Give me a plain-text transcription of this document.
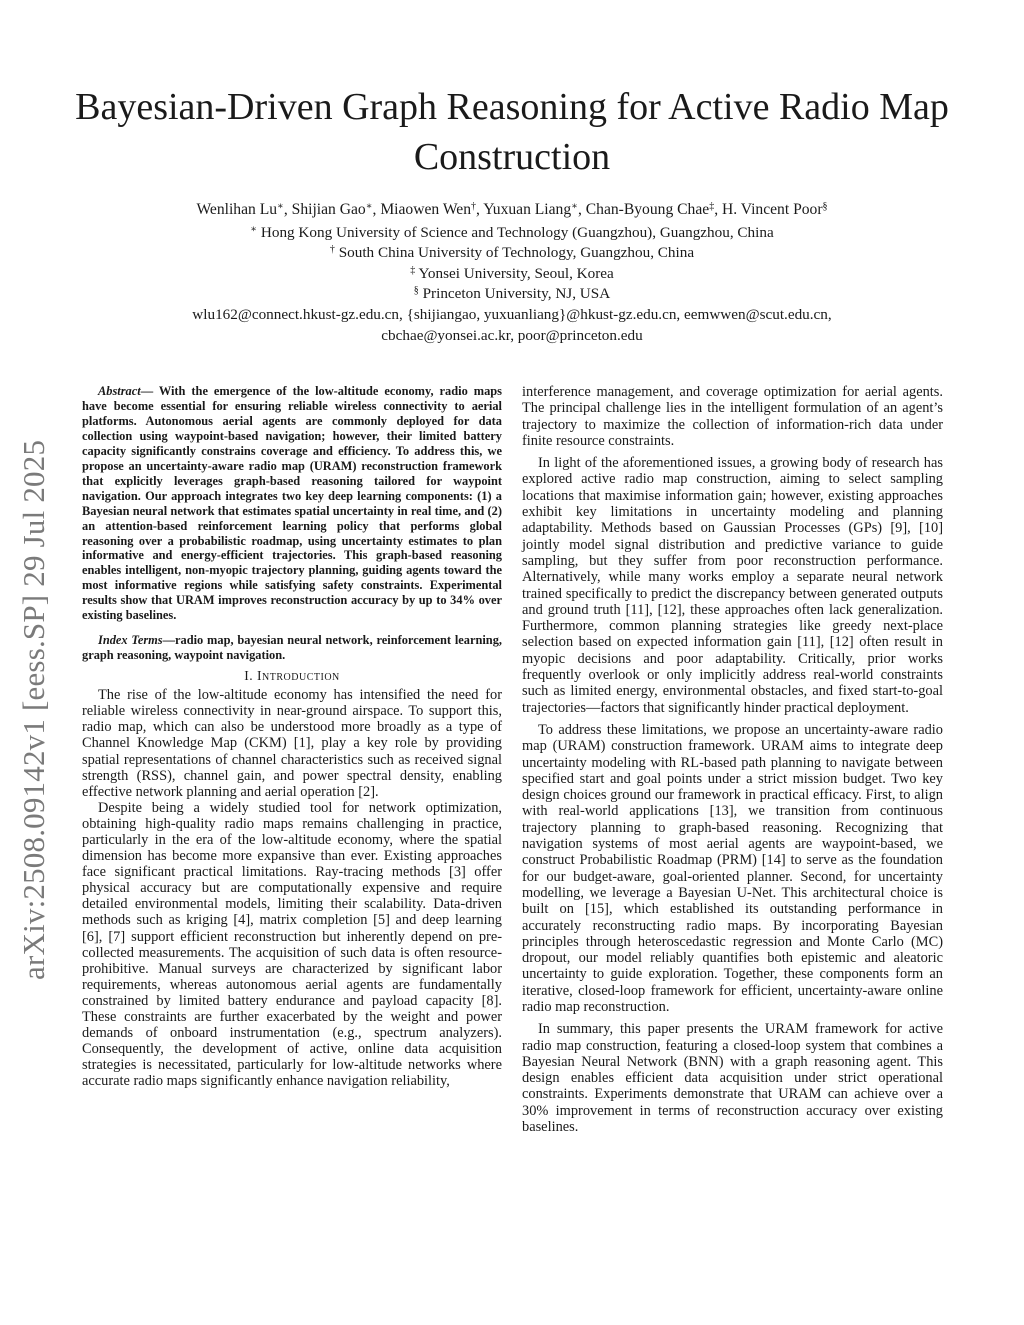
arXiv:2508.09142v1 [eess.SP] 29 Jul 2025
Bayesian-Driven Graph Reasoning for Active Radio Map Construction
Wenlihan Lu∗, Shijian Gao∗, Miaowen Wen†, Yuxuan Liang∗, Chan-Byoung Chae‡, H. Vincent Poor§
∗ Hong Kong University of Science and Technology (Guangzhou), Guangzhou, China
† South China University of Technology, Guangzhou, China
‡ Yonsei University, Seoul, Korea
§ Princeton University, NJ, USA
wlu162@connect.hkust-gz.edu.cn, {shijiangao, yuxuanliang}@hkust-gz.edu.cn, eemwwen@scut.edu.cn,
cbchae@yonsei.ac.kr, poor@princeton.edu

Abstract— With the emergence of the low-altitude economy, radio maps have become essential for ensuring reliable wireless connectivity to aerial platforms. Autonomous aerial agents are commonly deployed for data collection using waypoint-based navigation; however, their limited battery capacity significantly constrains coverage and efficiency. To address this, we propose an uncertainty-aware radio map (URAM) reconstruction framework that explicitly leverages graph-based reasoning tailored for waypoint navigation. Our approach integrates two key deep learning components: (1) a Bayesian neural network that estimates spatial uncertainty in real time, and (2) an attention-based reinforcement learning policy that performs global reasoning over a probabilistic roadmap, using uncertainty estimates to plan informative and energy-efficient trajectories. This graph-based reasoning enables intelligent, non-myopic trajectory planning, guiding agents toward the most informative regions while satisfying safety constraints. Experimental results show that URAM improves reconstruction accuracy by up to 34% over existing baselines.

Index Terms—radio map, bayesian neural network, reinforcement learning, graph reasoning, waypoint navigation.

I. Introduction

The rise of the low-altitude economy has intensified the need for reliable wireless connectivity in near-ground airspace. To support this, radio map, which can also be understood more broadly as a type of Channel Knowledge Map (CKM) [1], play a key role by providing spatial representations of channel characteristics such as received signal strength (RSS), channel gain, and power spectral density, enabling effective network planning and aerial operation [2].

Despite being a widely studied tool for network optimization, obtaining high-quality radio maps remains challenging in practice, particularly in the era of the low-altitude economy, where the spatial dimension has become more expansive than ever. Existing approaches face significant practical limitations. Ray-tracing methods [3] offer physical accuracy but are computationally expensive and require detailed environmental models, limiting their scalability. Data-driven methods such as kriging [4], matrix completion [5] and deep learning [6], [7] support efficient reconstruction but inherently depend on pre-collected measurements. The acquisition of such data is often resource-prohibitive. Manual surveys are characterized by significant labor requirements, whereas autonomous aerial agents are fundamentally constrained by limited battery endurance and payload capacity [8]. These constraints are further exacerbated by the weight and power demands of onboard instrumentation (e.g., spectrum analyzers). Consequently, the development of active, online data acquisition strategies is necessitated, particularly for low-altitude networks where accurate radio maps significantly enhance navigation reliability,

interference management, and coverage optimization for aerial agents. The principal challenge lies in the intelligent formulation of an agent’s trajectory to maximize the collection of information-rich data under finite resource constraints.

In light of the aforementioned issues, a growing body of research has explored active radio map construction, aiming to select sampling locations that maximise information gain; however, existing approaches exhibit key limitations in uncertainty modeling and planning adaptability. Methods based on Gaussian Processes (GPs) [9], [10] jointly model signal distribution and predictive variance to guide sampling, but they suffer from poor reconstruction performance. Alternatively, while many works employ a separate neural network trained specifically to predict the discrepancy between generated outputs and ground truth [11], [12], these approaches often lack generalization. Furthermore, common planning strategies like greedy next-place selection based on expected information gain [11], [12] often result in myopic decisions and poor adaptability. Critically, prior works frequently overlook or only implicitly address real-world constraints such as limited energy, environmental obstacles, and fixed start-to-goal trajectories—factors that significantly hinder practical deployment.

To address these limitations, we propose an uncertainty-aware radio map (URAM) construction framework. URAM aims to integrate deep uncertainty modeling with RL-based path planning to navigate between specified start and goal points under a strict mission budget. Two key design choices ground our framework in practical efficacy. First, to align with real-world applications [13], we transition from continuous trajectory planning to graph-based reasoning. Recognizing that navigation systems of most aerial agents are waypoint-based, we construct Probabilistic Roadmap (PRM) [14] to serve as the foundation for our budget-aware, goal-oriented planner. Second, for uncertainty modelling, we leverage a Bayesian U-Net. This architectural choice is built on [15], which established its outstanding performance in accurately reconstructing radio maps. By incorporating Bayesian principles through heteroscedastic regression and Monte Carlo (MC) dropout, our model reliably quantifies both epistemic and aleatoric uncertainty to guide exploration. Together, these components form an iterative, closed-loop framework for efficient, uncertainty-aware online radio map reconstruction.

In summary, this paper presents the URAM framework for active radio map construction, featuring a closed-loop system that combines a Bayesian Neural Network (BNN) with a graph reasoning agent. This design enables efficient data acquisition under strict operational constraints. Experiments demonstrate that URAM can achieve over a 30% improvement in terms of reconstruction accuracy over existing baselines.
